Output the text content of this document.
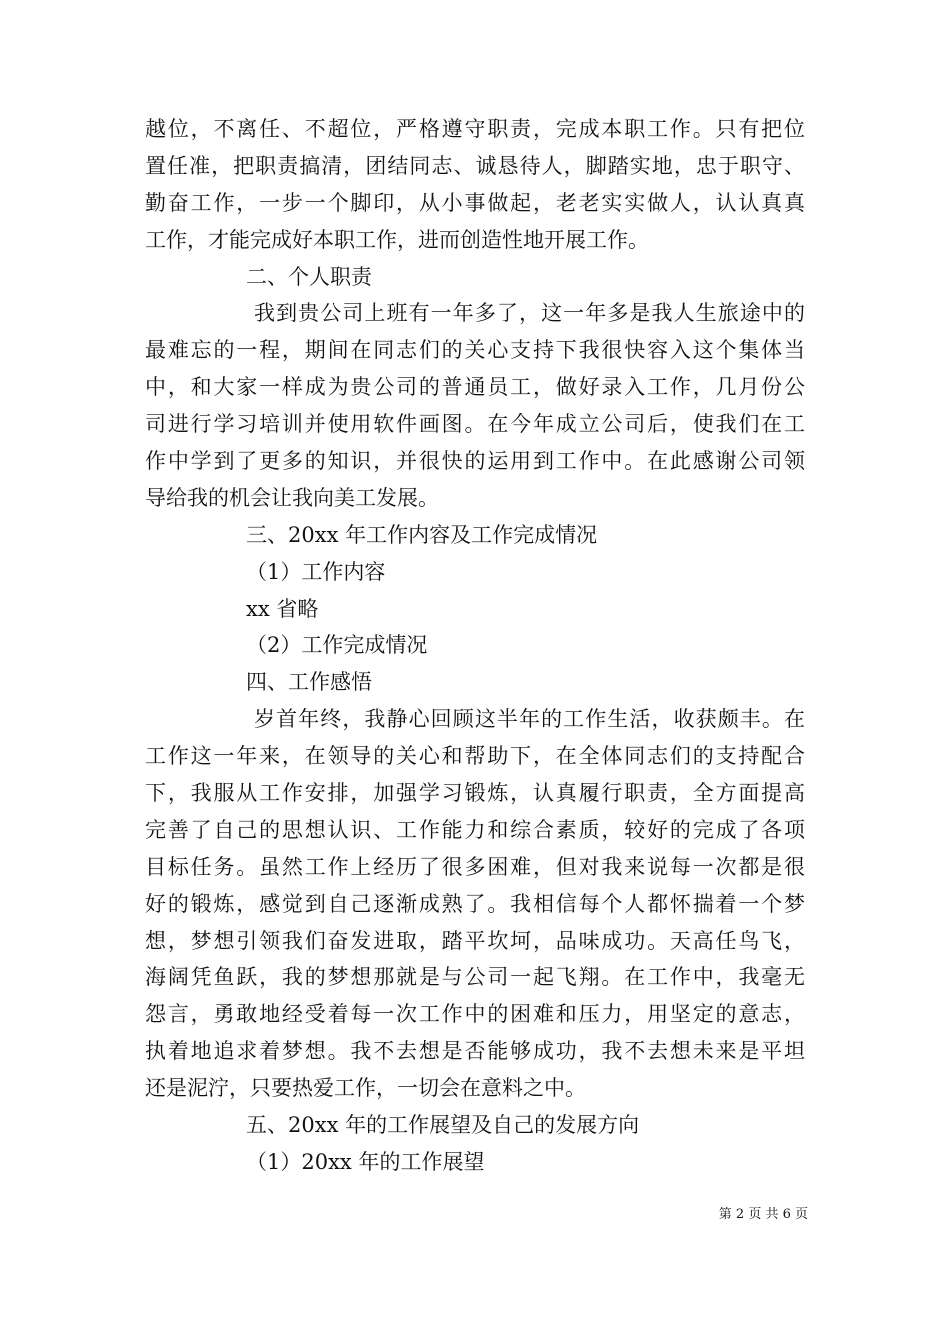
越位，不离任、不超位，严格遵守职责，完成本职工作。只有把位
置任准，把职责搞清，团结同志、诚恳待人，脚踏实地，忠于职守、
勤奋工作，一步一个脚印，从小事做起，老老实实做人，认认真真
工作，才能完成好本职工作，进而创造性地开展工作。
二、个人职责
我到贵公司上班有一年多了，这一年多是我人生旅途中的
最难忘的一程，期间在同志们的关心支持下我很快容入这个集体当
中，和大家一样成为贵公司的普通员工，做好录入工作，几月份公
司进行学习培训并使用软件画图。在今年成立公司后，使我们在工
作中学到了更多的知识，并很快的运用到工作中。在此感谢公司领
导给我的机会让我向美工发展。
三、20xx 年工作内容及工作完成情况
（1）工作内容
xx 省略
（2）工作完成情况
四、工作感悟
岁首年终，我静心回顾这半年的工作生活，收获颇丰。在
工作这一年来，在领导的关心和帮助下，在全体同志们的支持配合
下，我服从工作安排，加强学习锻炼，认真履行职责，全方面提高
完善了自己的思想认识、工作能力和综合素质，较好的完成了各项
目标任务。虽然工作上经历了很多困难，但对我来说每一次都是很
好的锻炼，感觉到自己逐渐成熟了。我相信每个人都怀揣着一个梦
想，梦想引领我们奋发进取，踏平坎坷，品味成功。天高任鸟飞，
海阔凭鱼跃，我的梦想那就是与公司一起飞翔。在工作中，我毫无
怨言，勇敢地经受着每一次工作中的困难和压力，用坚定的意志，
执着地追求着梦想。我不去想是否能够成功，我不去想未来是平坦
还是泥泞，只要热爱工作，一切会在意料之中。
五、20xx 年的工作展望及自己的发展方向
（1）20xx 年的工作展望
第 2 页 共 6 页
